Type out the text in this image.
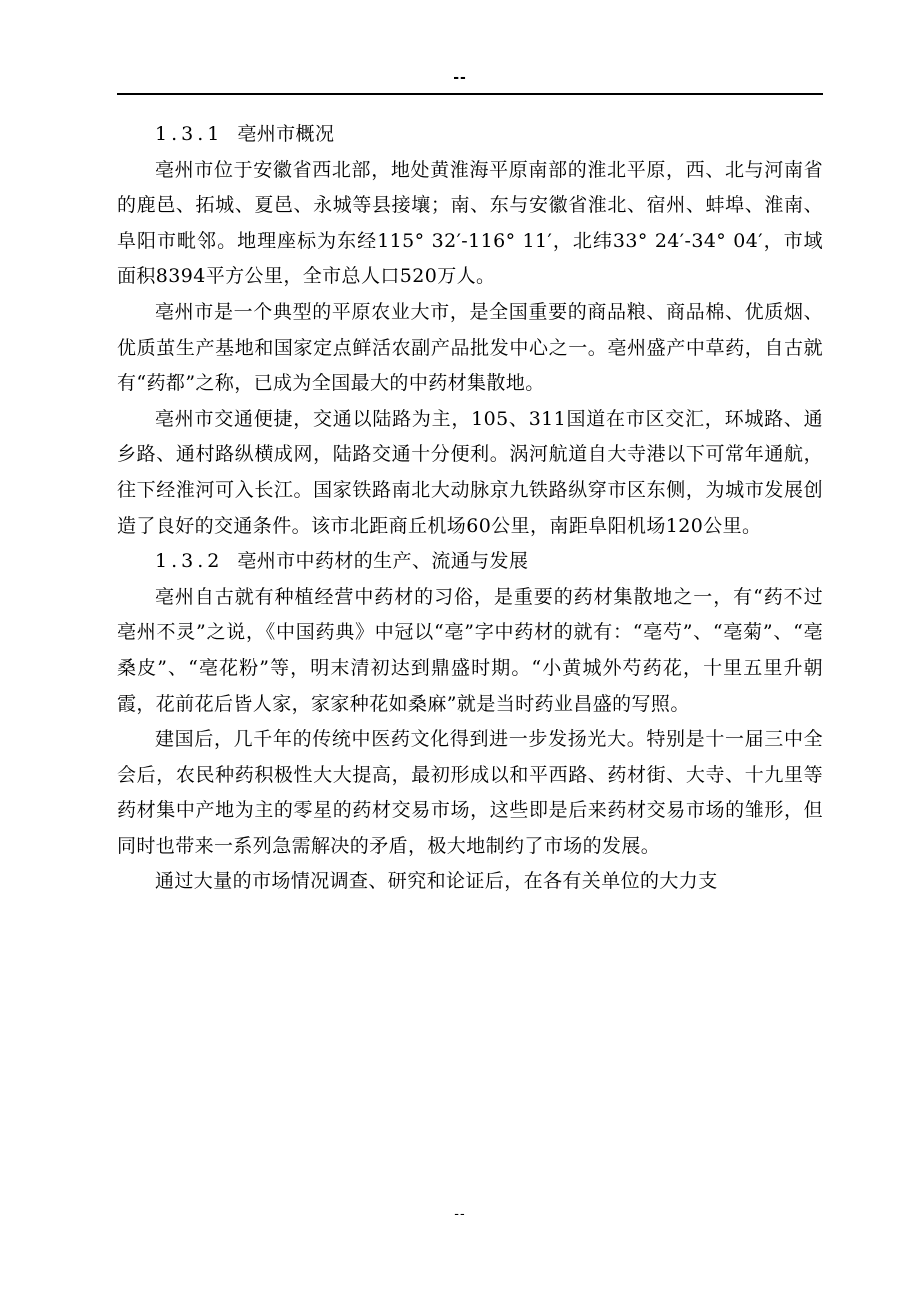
--
1.3.1 亳州市概况

亳州市位于安徽省西北部，地处黄淮海平原南部的淮北平原，西、北与河南省的鹿邑、拓城、夏邑、永城等县接壤；南、东与安徽省淮北、宿州、蚌埠、淮南、阜阳市毗邻。地理座标为东经115° 32′-116° 11′，北纬33° 24′-34° 04′，市域面积8394平方公里，全市总人口520万人。

亳州市是一个典型的平原农业大市，是全国重要的商品粮、商品棉、优质烟、优质茧生产基地和国家定点鲜活农副产品批发中心之一。亳州盛产中草药，自古就有“药都”之称，已成为全国最大的中药材集散地。

亳州市交通便捷，交通以陆路为主，105、311国道在市区交汇，环城路、通乡路、通村路纵横成网，陆路交通十分便利。涡河航道自大寺港以下可常年通航，往下经淮河可入长江。国家铁路南北大动脉京九铁路纵穿市区东侧，为城市发展创造了良好的交通条件。该市北距商丘机场60公里，南距阜阳机场120公里。

1.3.2 亳州市中药材的生产、流通与发展

亳州自古就有种植经营中药材的习俗，是重要的药材集散地之一，有“药不过亳州不灵”之说，《中国药典》中冠以“亳”字中药材的就有：“亳芍”、“亳菊”、“亳桑皮”、“亳花粉”等，明末清初达到鼎盛时期。“小黄城外芍药花，十里五里升朝霞，花前花后皆人家，家家种花如桑麻”就是当时药业昌盛的写照。

建国后，几千年的传统中医药文化得到进一步发扬光大。特别是十一届三中全会后，农民种药积极性大大提高，最初形成以和平西路、药材街、大寺、十九里等药材集中产地为主的零星的药材交易市场，这些即是后来药材交易市场的雏形，但同时也带来一系列急需解决的矛盾，极大地制约了市场的发展。

通过大量的市场情况调查、研究和论证后，在各有关单位的大力支

--
